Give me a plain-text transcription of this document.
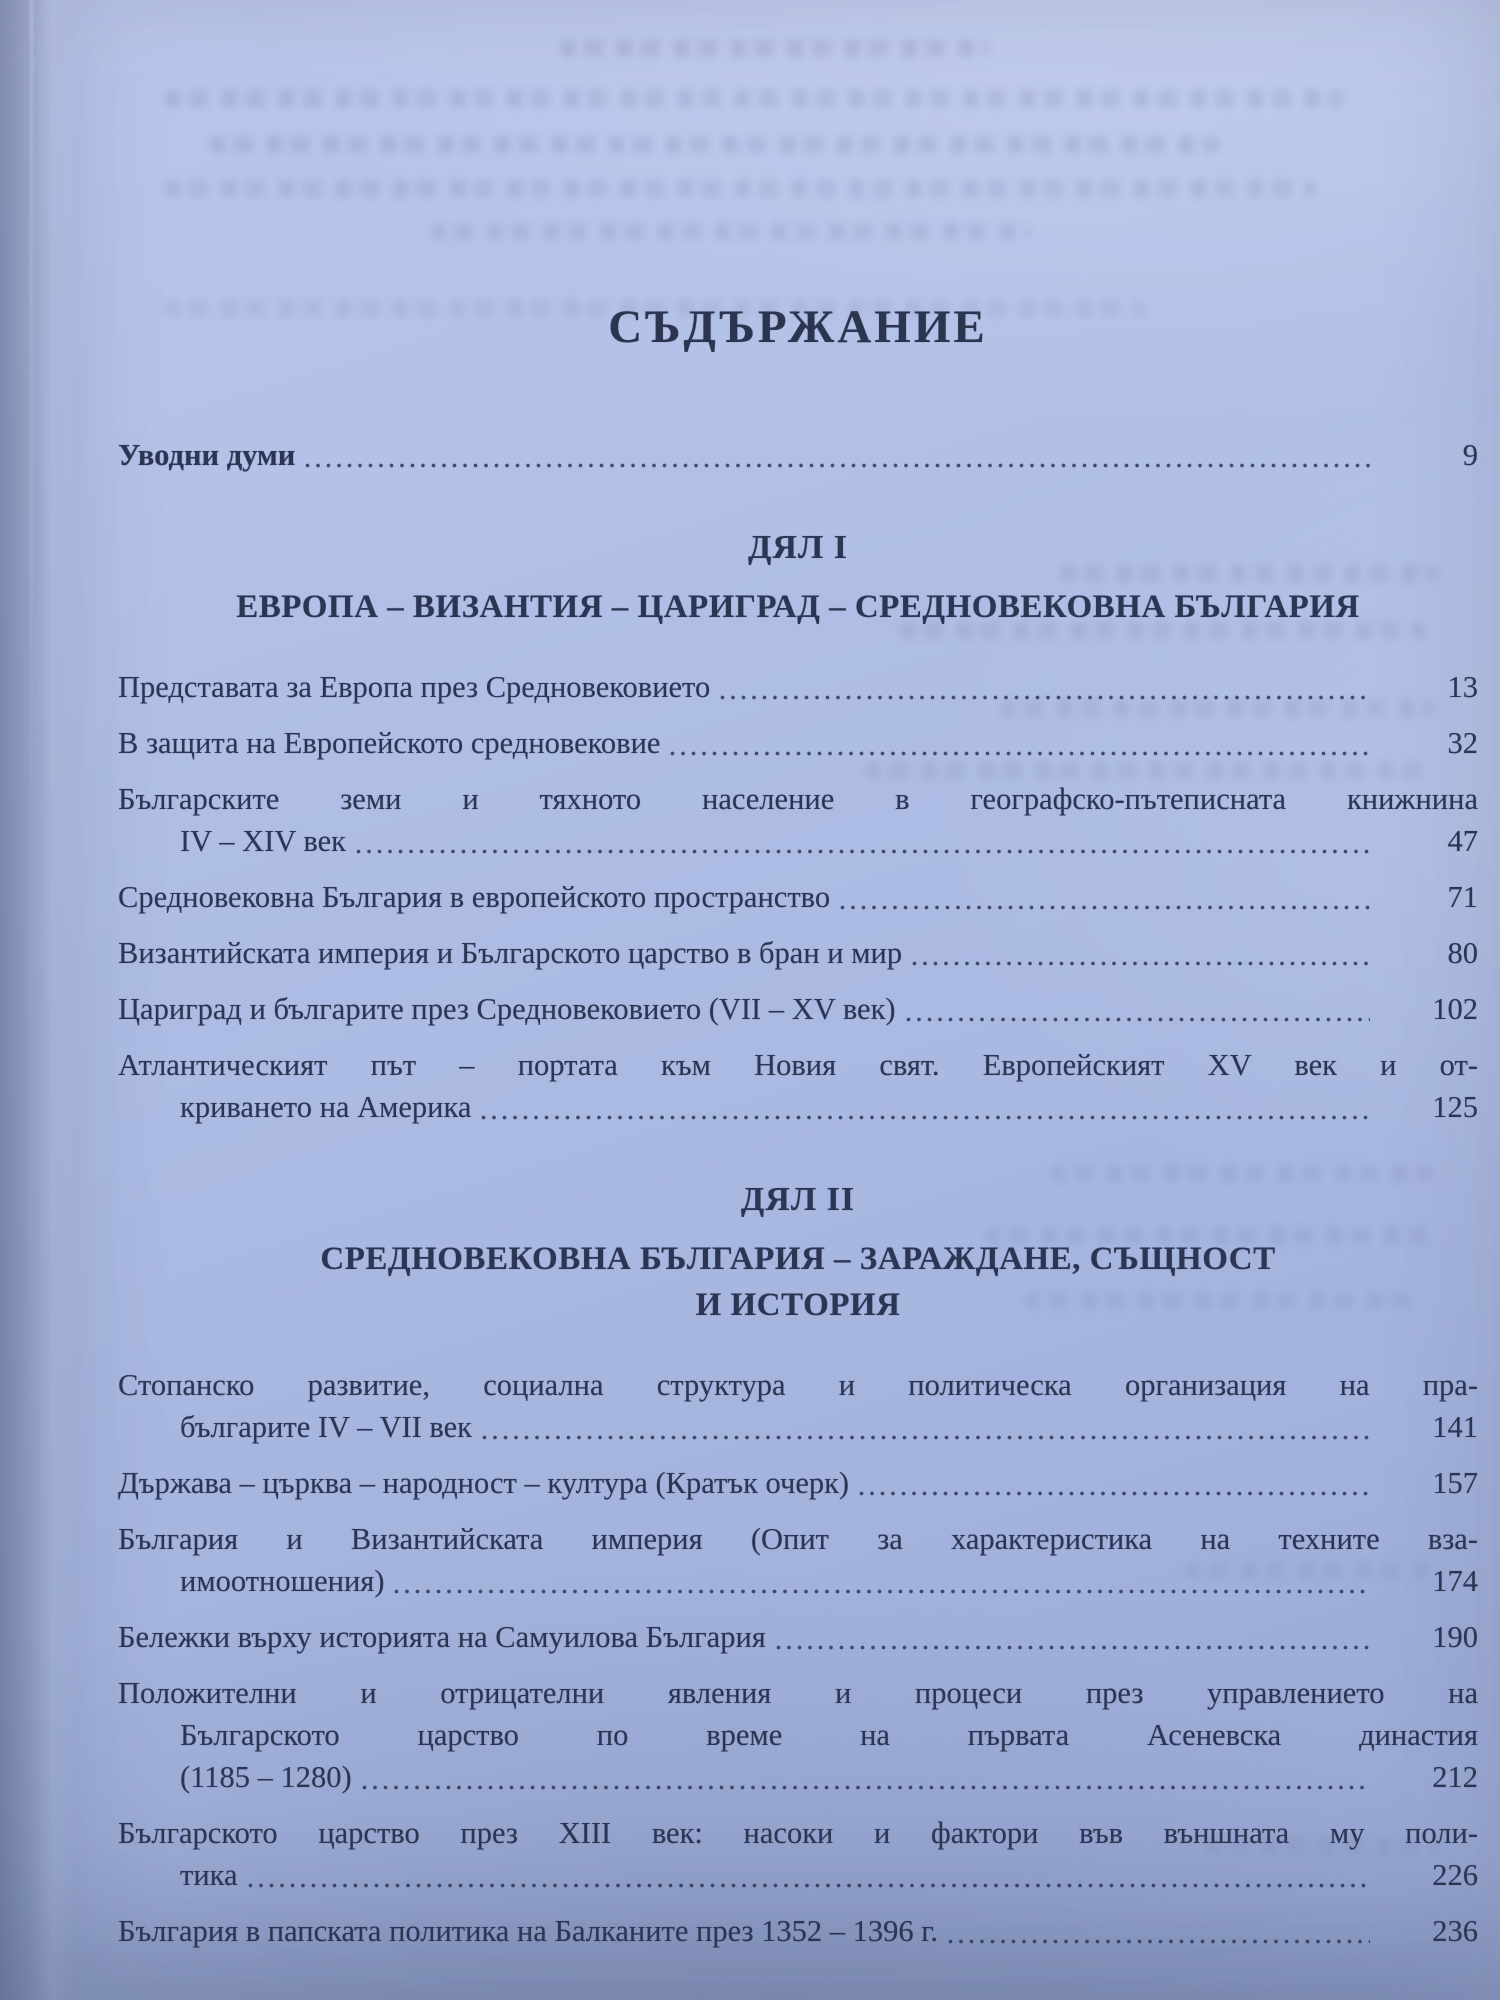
СЪДЪРЖАНИЕ
Уводни думи	9
ДЯЛ I
ЕВРОПА – ВИЗАНТИЯ – ЦАРИГРАД – СРЕДНОВЕКОВНА БЪЛГАРИЯ
Представата за Европа през Средновековието	13
В защита на Европейското средновековие	32
Българските земи и тяхното население в географско-пътеписната книжнина
IV – XIV век	47
Средновековна България в европейското пространство	71
Византийската империя и Българското царство в бран и мир	80
Цариград и българите през Средновековието (VII – XV век)	102
Атлантическият път – портата към Новия свят. Европейският XV век и от-
криването на Америка	125
ДЯЛ II
СРЕДНОВЕКОВНА БЪЛГАРИЯ – ЗАРАЖДАНЕ, СЪЩНОСТ
И ИСТОРИЯ
Стопанско развитие, социална структура и политическа организация на пра-
българите IV – VII век	141
Държава – църква – народност – култура (Кратък очерк)	157
България и Византийската империя (Опит за характеристика на техните вза-
имоотношения)	174
Бележки върху историята на Самуилова България	190
Положителни и отрицателни явления и процеси през управлението на
Българското царство по време на първата Асеневска династия
(1185 – 1280)	212
Българското царство през XIII век: насоки и фактори във външната му поли-
тика	226
България в папската политика на Балканите през 1352 – 1396 г.	236
